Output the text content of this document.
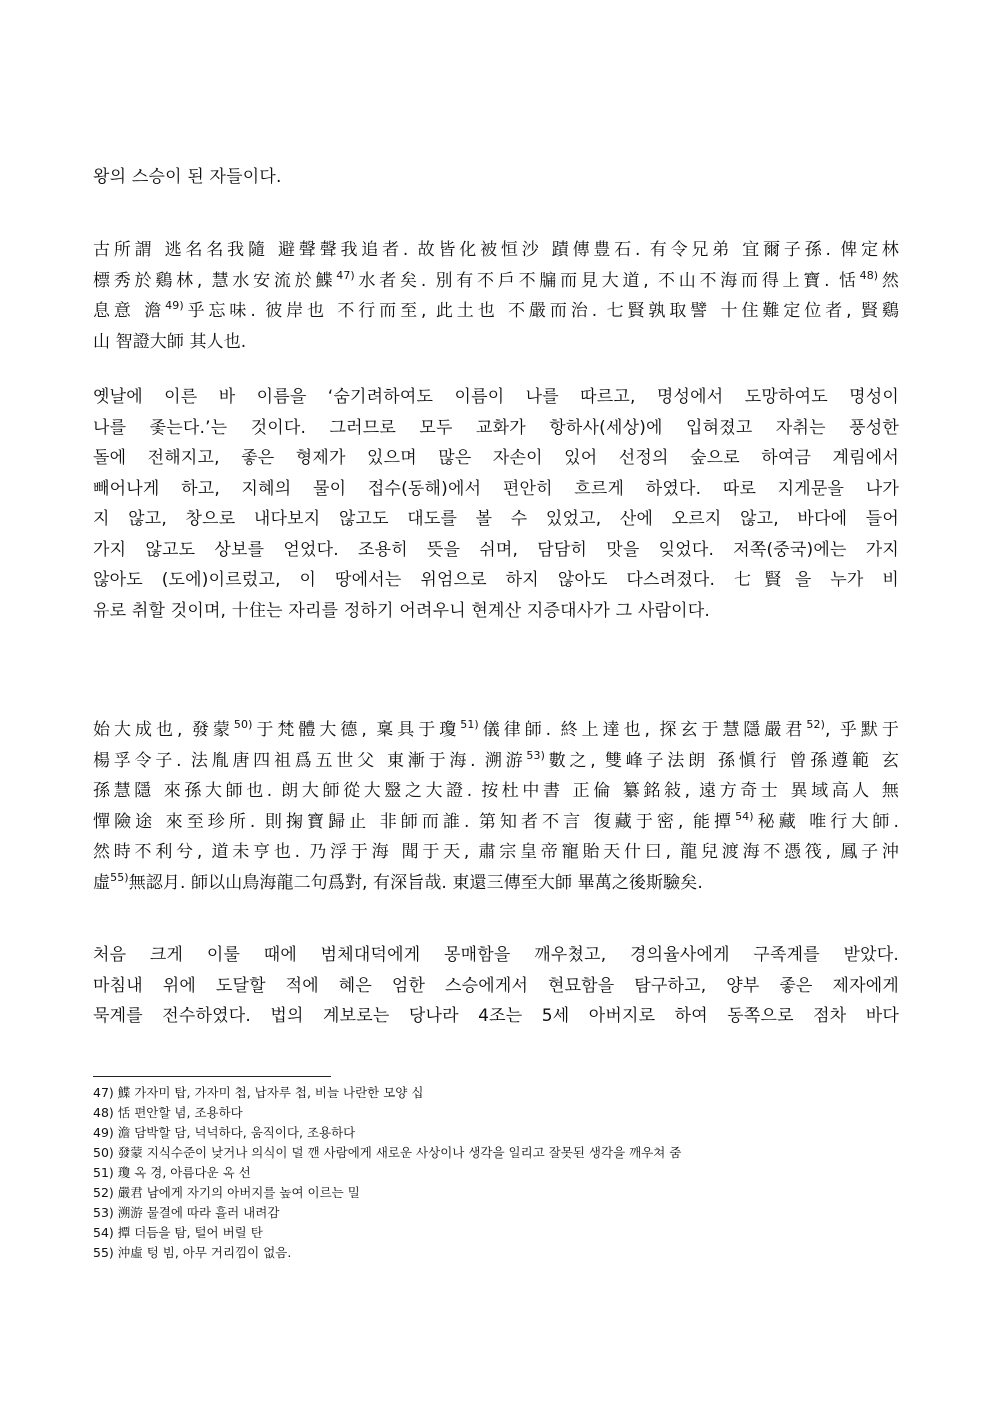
왕의 스승이 된 자들이다.
古所謂 逃名名我隨 避聲聲我追者. 故皆化被恒沙 蹟傳豊石. 有令兄弟 宜爾子孫. 俾定林
標秀於鷄林, 慧水安流於鰈$^{47)}$水者矣. 別有不戶不牖而見大道, 不山不海而得上寶. 恬$^{48)}$然
息意 澹$^{49)}$乎忘味. 彼岸也 不行而至, 此土也 不嚴而治. 七賢孰取譬 十住難定位者, 賢鷄
山 智證大師 其人也.
옛날에 이른 바 이름을 ‘숨기려하여도 이름이 나를 따르고, 명성에서 도망하여도 명성이
나를 좇는다.’는 것이다. 그러므로 모두 교화가 항하사(세상)에 입혀졌고 자취는 풍성한
돌에 전해지고, 좋은 형제가 있으며 많은 자손이 있어 선정의 숲으로 하여금 계림에서
빼어나게 하고, 지혜의 물이 접수(동해)에서 편안히 흐르게 하였다. 따로 지게문을 나가
지 않고, 창으로 내다보지 않고도 대도를 볼 수 있었고, 산에 오르지 않고, 바다에 들어
가지 않고도 상보를 얻었다. 조용히 뜻을 쉬며, 담담히 맛을 잊었다. 저쪽(중국)에는 가지
않아도 (도에)이르렀고, 이 땅에서는 위엄으로 하지 않아도 다스려졌다. 七賢을 누가 비
유로 취할 것이며, 十住는 자리를 정하기 어려우니 현계산 지증대사가 그 사람이다.
始大成也, 發蒙$^{50)}$于梵體大德, 稟具于瓊$^{51)}$儀律師. 終上達也, 探玄于慧隱嚴君$^{52)}$, 乎默于
楊孚令子. 法胤唐四祖爲五世父 東漸于海. 溯游$^{53)}$數之, 雙峰子法朗 孫愼行 曾孫遵範 玄
孫慧隱 來孫大師也. 朗大師從大毉之大證. 按杜中書 正倫 纂銘敍, 遠方奇士 異域高人 無
憚險途 來至珍所. 則掬寶歸止 非師而誰. 第知者不言 復藏于密, 能撢$^{54)}$秘藏 唯行大師.
然時不利兮, 道未亨也. 乃浮于海 聞于天, 肅宗皇帝寵貽天什曰, 龍兒渡海不憑筏, 鳳子沖
虛$^{55)}$無認月. 師以山鳥海龍二句爲對, 有深旨哉. 東還三傳至大師 畢萬之後斯驗矣.
처음 크게 이룰 때에 범체대덕에게 몽매함을 깨우쳤고, 경의율사에게 구족계를 받았다.
마침내 위에 도달할 적에 혜은 엄한 스승에게서 현묘함을 탐구하고, 양부 좋은 제자에게
묵계를 전수하였다. 법의 계보로는 당나라 4조는 5세 아버지로 하여 동쪽으로 점차 바다
47) 鰈 가자미 탑, 가자미 첩, 납자루 첩, 비늘 나란한 모양 십
48) 恬 편안할 념, 조용하다
49) 澹 담박할 담, 넉넉하다, 움직이다, 조용하다
50) 發蒙 지식수준이 낮거나 의식이 덜 깬 사람에게 새로운 사상이나 생각을 일리고 잘못된 생각을 깨우쳐 줌
51) 瓊 옥 경, 아름다운 옥 선
52) 嚴君 남에게 자기의 아버지를 높여 이르는 밀
53) 溯游 물결에 따라 흘러 내려감
54) 撢 더듬을 탐, 털어 버릴 탄
55) 沖虛 텅 빔, 아무 거리낌이 없음.
